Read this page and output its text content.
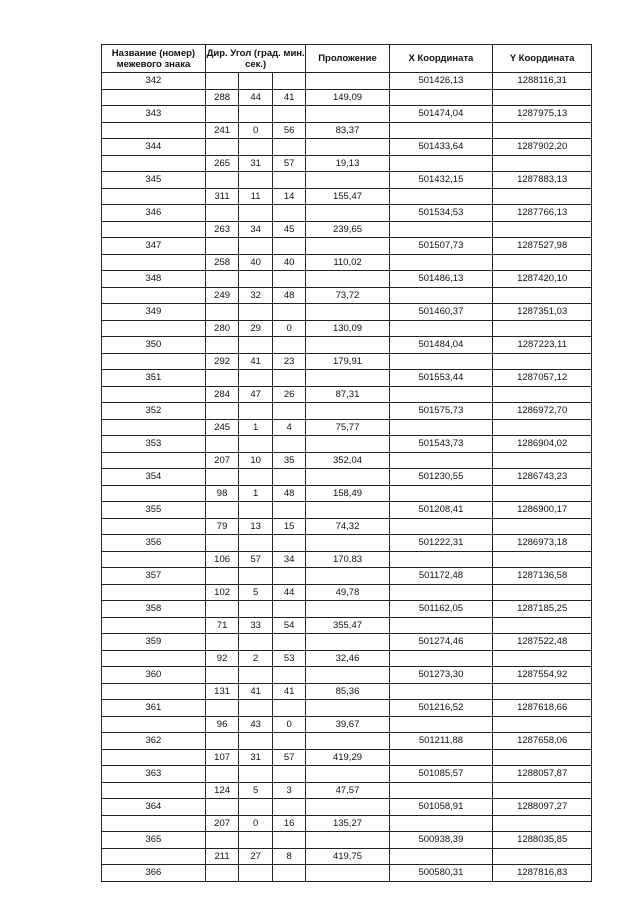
Название (номер) межевого знака	Дир. Угол (град. мин. сек.)			Проложение	X Координата	Y Координата
342					501426,13	1288116,31
	288	44	41	149,09		
343					501474,04	1287975,13
	241	0	56	83,37		
344					501433,64	1287902,20
	265	31	57	19,13		
345					501432,15	1287883,13
	311	11	14	155,47		
346					501534,53	1287766,13
	263	34	45	239,65		
347					501507,73	1287527,98
	258	40	40	110,02		
348					501486,13	1287420,10
	249	32	48	73,72		
349					501460,37	1287351,03
	280	29	0	130,09		
350					501484,04	1287223,11
	292	41	23	179,91		
351					501553,44	1287057,12
	284	47	26	87,31		
352					501575,73	1286972,70
	245	1	4	75,77		
353					501543,73	1286904,02
	207	10	35	352,04		
354					501230,55	1286743,23
	98	1	48	158,49		
355					501208,41	1286900,17
	79	13	15	74,32		
356					501222,31	1286973,18
	106	57	34	170,83		
357					501172,48	1287136,58
	102	5	44	49,78		
358					501162,05	1287185,25
	71	33	54	355,47		
359					501274,46	1287522,48
	92	2	53	32,46		
360					501273,30	1287554,92
	131	41	41	85,36		
361					501216,52	1287618,66
	96	43	0	39,67		
362					501211,88	1287658,06
	107	31	57	419,29		
363					501085,57	1288057,87
	124	5	3	47,57		
364					501058,91	1288097,27
	207	0	16	135,27		
365					500938,39	1288035,85
	211	27	8	419,75		
366					500580,31	1287816,83
